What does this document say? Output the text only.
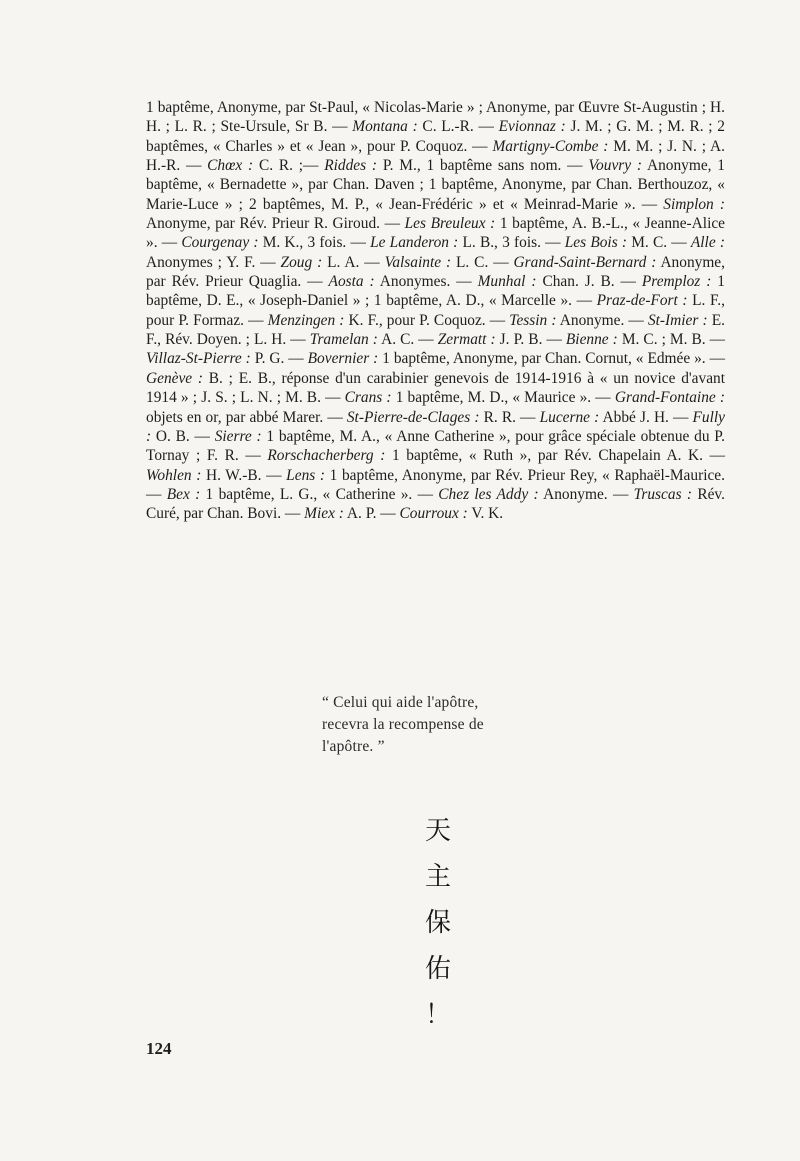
1 baptême, Anonyme, par St-Paul, « Nicolas-Marie » ; Anonyme, par Œuvre St-Augustin ; H. H. ; L. R. ; Ste-Ursule, Sr B. — Montana : C. L.-R. — Evionnaz : J. M. ; G. M. ; M. R. ; 2 baptêmes, « Charles » et « Jean », pour P. Coquoz. — Martigny-Combe : M. M. ; J. N. ; A. H.-R. — Chœx : C. R. ;— Riddes : P. M., 1 baptême sans nom. — Vouvry : Anonyme, 1 baptême, « Bernadette », par Chan. Daven ; 1 baptême, Anonyme, par Chan. Berthouzoz, « Marie-Luce » ; 2 baptêmes, M. P., « Jean-Frédéric » et « Meinrad-Marie ». — Simplon : Anonyme, par Rév. Prieur R. Giroud. — Les Breuleux : 1 baptême, A. B.-L., « Jeanne-Alice ». — Courgenay : M. K., 3 fois. — Le Landeron : L. B., 3 fois. — Les Bois : M. C. — Alle : Anonymes ; Y. F. — Zoug : L. A. — Valsainte : L. C. — Grand-Saint-Bernard : Anonyme, par Rév. Prieur Quaglia. — Aosta : Anonymes. — Munhal : Chan. J. B. — Premploz : 1 baptême, D. E., « Joseph-Daniel » ; 1 baptême, A. D., « Marcelle ». — Praz-de-Fort : L. F., pour P. Formaz. — Menzingen : K. F., pour P. Coquoz. — Tessin : Anonyme. — St-Imier : E. F., Rév. Doyen. ; L. H. — Tramelan : A. C. — Zermatt : J. P. B. — Bienne : M. C. ; M. B. — Villaz-St-Pierre : P. G. — Bovernier : 1 baptême, Anonyme, par Chan. Cornut, « Edmée ». — Genève : B. ; E. B., réponse d'un carabinier genevois de 1914-1916 à « un novice d'avant 1914 » ; J. S. ; L. N. ; M. B. — Crans : 1 baptême, M. D., « Maurice ». — Grand-Fontaine : objets en or, par abbé Marer. — St-Pierre-de-Clages : R. R. — Lucerne : Abbé J. H. — Fully : O. B. — Sierre : 1 baptême, M. A., « Anne Catherine », pour grâce spéciale obtenue du P. Tornay ; F. R. — Rorschacherberg : 1 baptême, « Ruth », par Rév. Chapelain A. K. — Wohlen : H. W.-B. — Lens : 1 baptême, Anonyme, par Rév. Prieur Rey, « Raphaël-Maurice. — Bex : 1 baptême, L. G., « Catherine ». — Chez les Addy : Anonyme. — Truscas : Rév. Curé, par Chan. Bovi. — Miex : A. P. — Courroux : V. K.
“ Celui qui aide l'apôtre,
recevra la recompense de
l'apôtre. ”
天
主
保
佑
！
124
